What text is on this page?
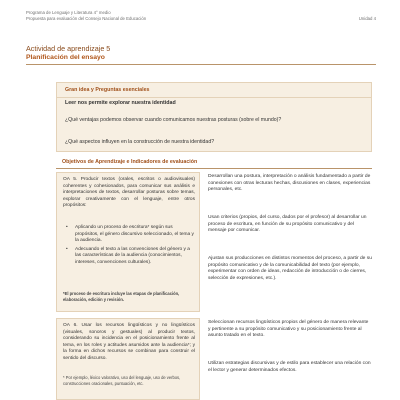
Programa de Lenguaje y Literatura 4° medio
Propuesta para evaluación del Consejo Nacional de Educación	Unidad 4
Actividad de aprendizaje 5
Planificación del ensayo
Gran idea y Preguntas esenciales
Leer nos permite explorar nuestra identidad
¿Qué ventajas podemos observar cuando comunicamos nuestras posturas (sobre el mundo)?
¿Qué aspectos influyen en la construcción de nuestra identidad?
Objetivos de Aprendizaje e Indicadores de evaluación
OA 5. Producir textos (orales, escritos o audiovisuales) coherentes y cohesionados, para comunicar sus análisis e interpretaciones de textos, desarrollar posturas sobre temas, explorar creativamente con el lenguaje, entre otros propósitos:
• Aplicando un proceso de escritura* según sus propósitos, el género discursivo seleccionado, el tema y la audiencia.
• Adecuando el texto a las convenciones del género y a las características de la audiencia (conocimientos, intereses, convenciones culturales).
*El proceso de escritura incluye las etapas de planificación, elaboración, edición y revisión.
OA 6. Usar los recursos lingüísticos y no lingüísticos (visuales, sonoros y gestuales) al producir textos, considerando su incidencia en el posicionamiento frente al tema, en los roles y actitudes asumidos ante la audiencia*; y la forma en dichos recursos se combinan para construir el sentido del discurso.
* Por ejemplo, léxico valorativo, uso del lenguaje, uso de verbos, construcciones oracionales, puntuación, etc.
Desarrollan una postura, interpretación o análisis fundamentado a partir de conexiones con otras lecturas hechas, discusiones en clases, experiencias personales, etc.
Usan criterios (propios, del curso, dados por el profesor) al desarrollar un proceso de escritura, en función de su propósito comunicativo y del mensaje por comunicar.
Ajustan sus producciones en distintos momentos del proceso, a partir de su propósito comunicativo y de la comunicabilidad del texto (por ejemplo, experimentar con orden de ideas, redacción de introducción o de cierres, selección de expresiones, etc.).
Seleccionan recursos lingüísticos propios del género de manera relevante y pertinente a su propósito comunicativo y su posicionamiento frente al asunto tratado en el texto.
Utilizan estrategias discursivas y de estilo para establecer una relación con el lector y generar determinados efectos.
